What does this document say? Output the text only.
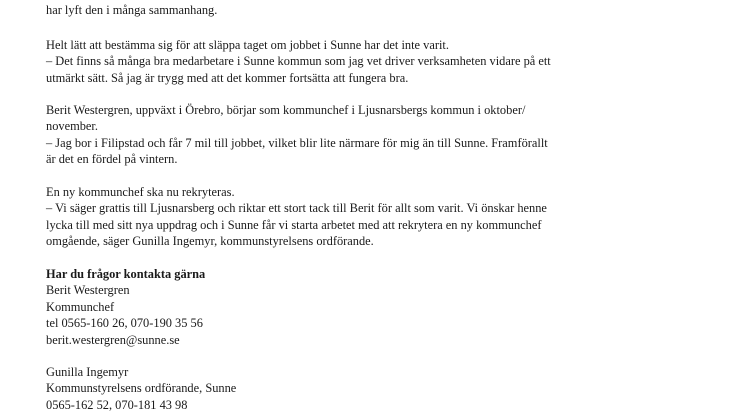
har lyft den i många sammanhang.
Helt lätt att bestämma sig för att släppa taget om jobbet i Sunne har det inte varit.
– Det finns så många bra medarbetare i Sunne kommun som jag vet driver verksamheten vidare på ett
utmärkt sätt. Så jag är trygg med att det kommer fortsätta att fungera bra.
Berit Westergren, uppväxt i Örebro, börjar som kommunchef i Ljusnarsbergs kommun i oktober/
november.
– Jag bor i Filipstad och får 7 mil till jobbet, vilket blir lite närmare för mig än till Sunne. Framförallt
är det en fördel på vintern.
En ny kommunchef ska nu rekryteras.
– Vi säger grattis till Ljusnarsberg och riktar ett stort tack till Berit för allt som varit. Vi önskar henne
lycka till med sitt nya uppdrag och i Sunne får vi starta arbetet med att rekrytera en ny kommunchef
omgående, säger Gunilla Ingemyr, kommunstyrelsens ordförande.
Har du frågor kontakta gärna
Berit Westergren
Kommunchef
tel 0565-160 26, 070-190 35 56
berit.westergren@sunne.se
Gunilla Ingemyr
Kommunstyrelsens ordförande, Sunne
0565-162 52, 070-181 43 98
